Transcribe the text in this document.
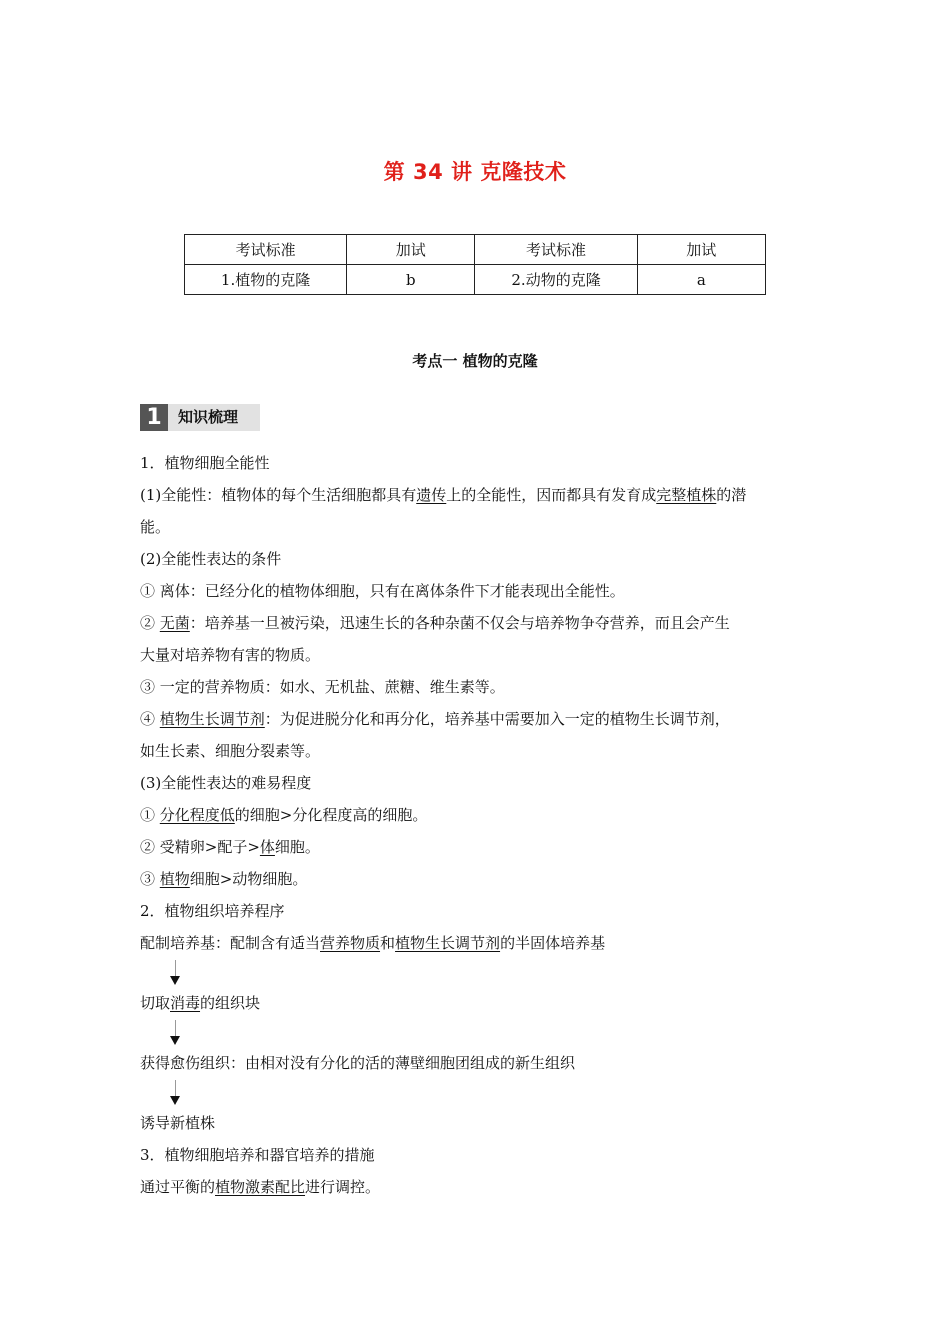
第 34 讲 克隆技术
考试标准	加试	考试标准	加试
1.植物的克隆	b	2.动物的克隆	a
考点一 植物的克隆
1	知识梳理
1．植物细胞全能性
(1)全能性：植物体的每个生活细胞都具有遗传上的全能性，因而都具有发育成完整植株的潜
能。
(2)全能性表达的条件
① 离体：已经分化的植物体细胞，只有在离体条件下才能表现出全能性。
② 无菌：培养基一旦被污染，迅速生长的各种杂菌不仅会与培养物争夺营养，而且会产生
大量对培养物有害的物质。
③ 一定的营养物质：如水、无机盐、蔗糖、维生素等。
④ 植物生长调节剂：为促进脱分化和再分化，培养基中需要加入一定的植物生长调节剂，
如生长素、细胞分裂素等。
(3)全能性表达的难易程度
① 分化程度低的细胞>分化程度高的细胞。
② 受精卵>配子>体细胞。
③ 植物细胞>动物细胞。
2．植物组织培养程序
配制培养基：配制含有适当营养物质和植物生长调节剂的半固体培养基
切取消毒的组织块
获得愈伤组织：由相对没有分化的活的薄壁细胞团组成的新生组织
诱导新植株
3．植物细胞培养和器官培养的措施
通过平衡的植物激素配比进行调控。
